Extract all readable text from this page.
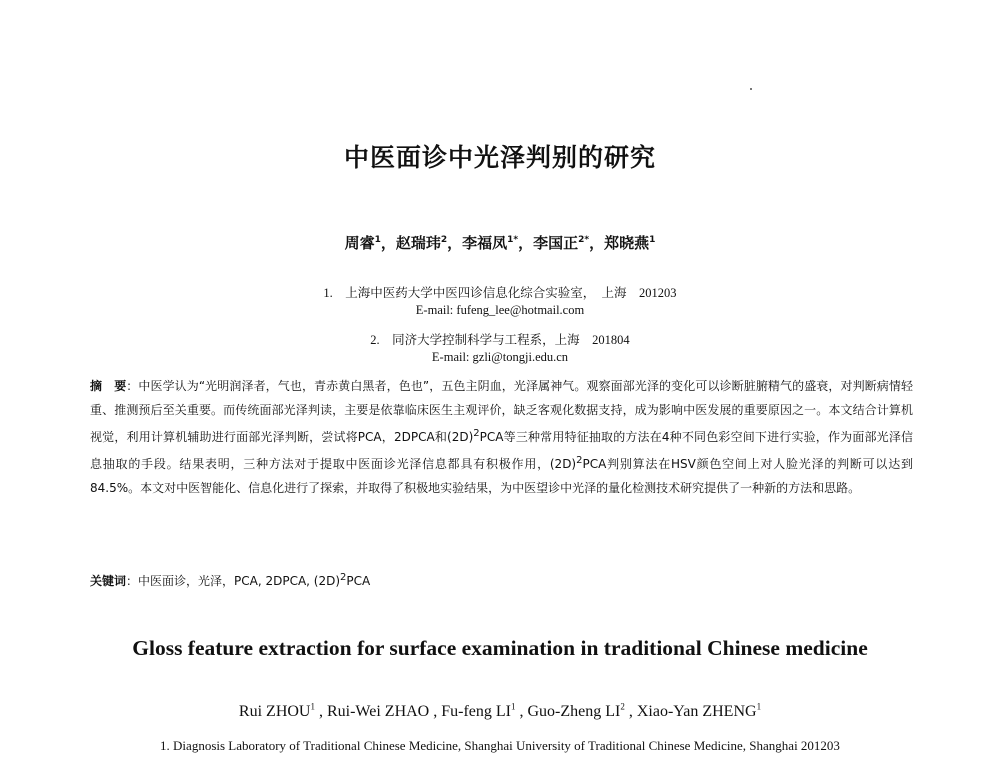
中医面诊中光泽判别的研究
周睿$^1$，赵瑞玮$^2$，李福凤$^{1*}$，李国正$^{2*}$，郑晓燕$^1$
1.　上海中医药大学中医四诊信息化综合实验室，　上海　201203
E-mail: fufeng_lee@hotmail.com
2.　同济大学控制科学与工程系，上海　201804
E-mail: gzli@tongji.edu.cn
摘　要：中医学认为“光明润泽者，气也，青赤黄白黑者，色也”，五色主阴血，光泽属神气。观察面部光泽的变化可以诊断脏腑精气的盛衰，对判断病情轻重、推测预后至关重要。而传统面部光泽判读，主要是依靠临床医生主观评价，缺乏客观化数据支持，成为影响中医发展的重要原因之一。本文结合计算机视觉，利用计算机辅助进行面部光泽判断，尝试将PCA，2DPCA和$(2D)^2PCA$等三种常用特征抽取的方法在4种不同色彩空间下进行实验，作为面部光泽信息抽取的手段。结果表明，三种方法对于提取中医面诊光泽信息都具有积极作用，$(2D)^2PCA$判别算法在HSV颜色空间上对人脸光泽的判断可以达到84.5%。本文对中医智能化、信息化进行了探索，并取得了积极地实验结果，为中医望诊中光泽的量化检测技术研究提供了一种新的方法和思路。
关键词：中医面诊，光泽，PCA, 2DPCA, $(2D)^2PCA$
Gloss feature extraction for surface examination in traditional Chinese medicine
Rui ZHOU$^1$ , Rui-Wei ZHAO , Fu-feng $LI^1$ , Guo-Zheng $LI^2$ , Xiao-Yan ZHENG$^1$
1. Diagnosis Laboratory of Traditional Chinese Medicine, Shanghai University of Traditional Chinese Medicine, Shanghai 201203
